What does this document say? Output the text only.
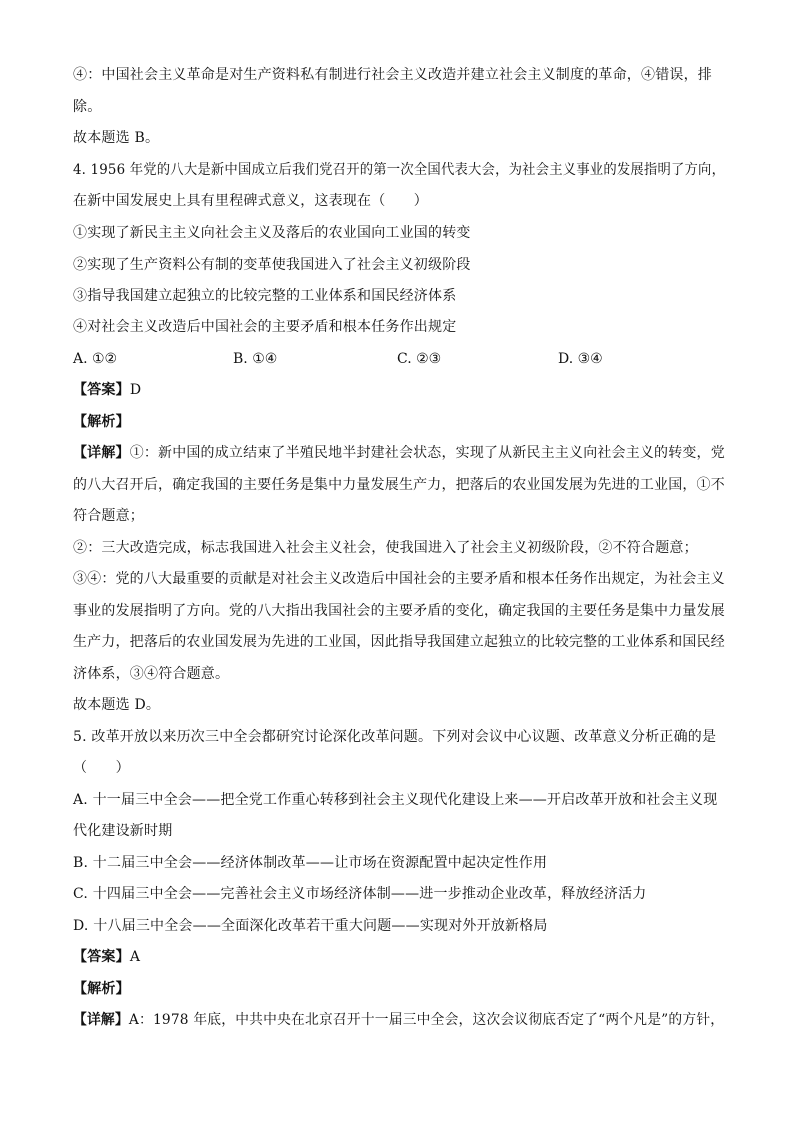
④：中国社会主义革命是对生产资料私有制进行社会主义改造并建立社会主义制度的革命，④错误，排
除。
故本题选 B。
4. 1956 年党的八大是新中国成立后我们党召开的第一次全国代表大会，为社会主义事业的发展指明了方向，
在新中国发展史上具有里程碑式意义，这表现在（　　）
①实现了新民主主义向社会主义及落后的农业国向工业国的转变
②实现了生产资料公有制的变革使我国进入了社会主义初级阶段
③指导我国建立起独立的比较完整的工业体系和国民经济体系
④对社会主义改造后中国社会的主要矛盾和根本任务作出规定
A. ①②	B. ①④	C. ②③	D. ③④
【答案】D
【解析】
【详解】①：新中国的成立结束了半殖民地半封建社会状态，实现了从新民主主义向社会主义的转变，党
的八大召开后，确定我国的主要任务是集中力量发展生产力，把落后的农业国发展为先进的工业国，①不
符合题意；
②：三大改造完成，标志我国进入社会主义社会，使我国进入了社会主义初级阶段，②不符合题意；
③④：党的八大最重要的贡献是对社会主义改造后中国社会的主要矛盾和根本任务作出规定，为社会主义
事业的发展指明了方向。党的八大指出我国社会的主要矛盾的变化，确定我国的主要任务是集中力量发展
生产力，把落后的农业国发展为先进的工业国，因此指导我国建立起独立的比较完整的工业体系和国民经
济体系，③④符合题意。
故本题选 D。
5. 改革开放以来历次三中全会都研究讨论深化改革问题。下列对会议中心议题、改革意义分析正确的是
（　　）
A. 十一届三中全会——把全党工作重心转移到社会主义现代化建设上来——开启改革开放和社会主义现
代化建设新时期
B. 十二届三中全会——经济体制改革——让市场在资源配置中起决定性作用
C. 十四届三中全会——完善社会主义市场经济体制——进一步推动企业改革，释放经济活力
D. 十八届三中全会——全面深化改革若干重大问题——实现对外开放新格局
【答案】A
【解析】
【详解】A：1978 年底，中共中央在北京召开十一届三中全会，这次会议彻底否定了“两个凡是”的方针，
